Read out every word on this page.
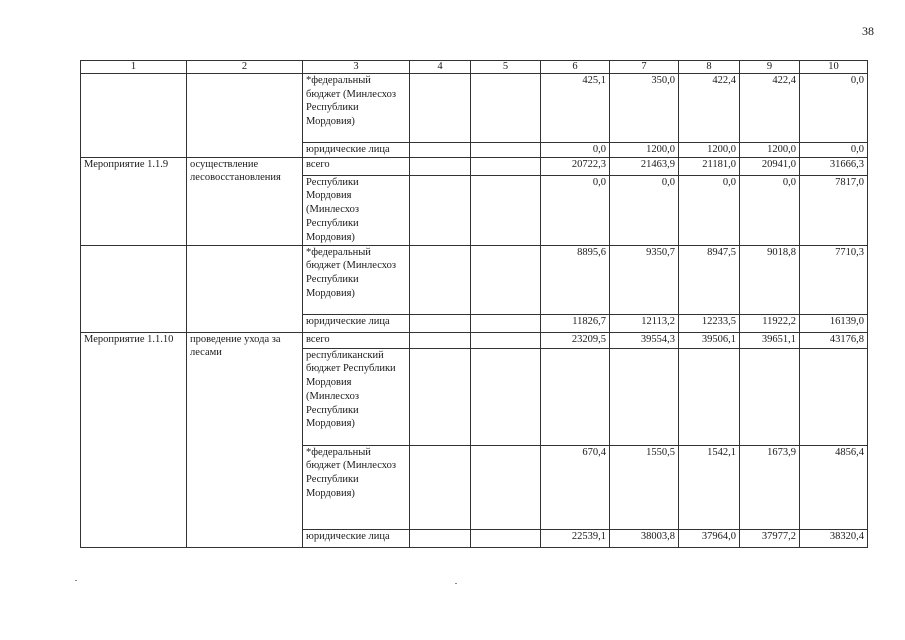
38
1	2	3	4	5	6	7	8	9	10
		*федеральный бюджет (Минлесхоз Республики Мордовия)			425,1	350,0	422,4	422,4	0,0
		юридические лица			0,0	1200,0	1200,0	1200,0	0,0
Мероприятие 1.1.9	осуществление лесовосстановления	всего			20722,3	21463,9	21181,0	20941,0	31666,3
		Республики Мордовия (Минлесхоз Республики Мордовия)			0,0	0,0	0,0	0,0	7817,0
		*федеральный бюджет (Минлесхоз Республики Мордовия)			8895,6	9350,7	8947,5	9018,8	7710,3
		юридические лица			11826,7	12113,2	12233,5	11922,2	16139,0
Мероприятие 1.1.10	проведение ухода за лесами	всего			23209,5	39554,3	39506,1	39651,1	43176,8
		республиканский бюджет Республики Мордовия (Минлесхоз Республики Мордовия)							
		*федеральный бюджет (Минлесхоз Республики Мордовия)			670,4	1550,5	1542,1	1673,9	4856,4
		юридические лица			22539,1	38003,8	37964,0	37977,2	38320,4
